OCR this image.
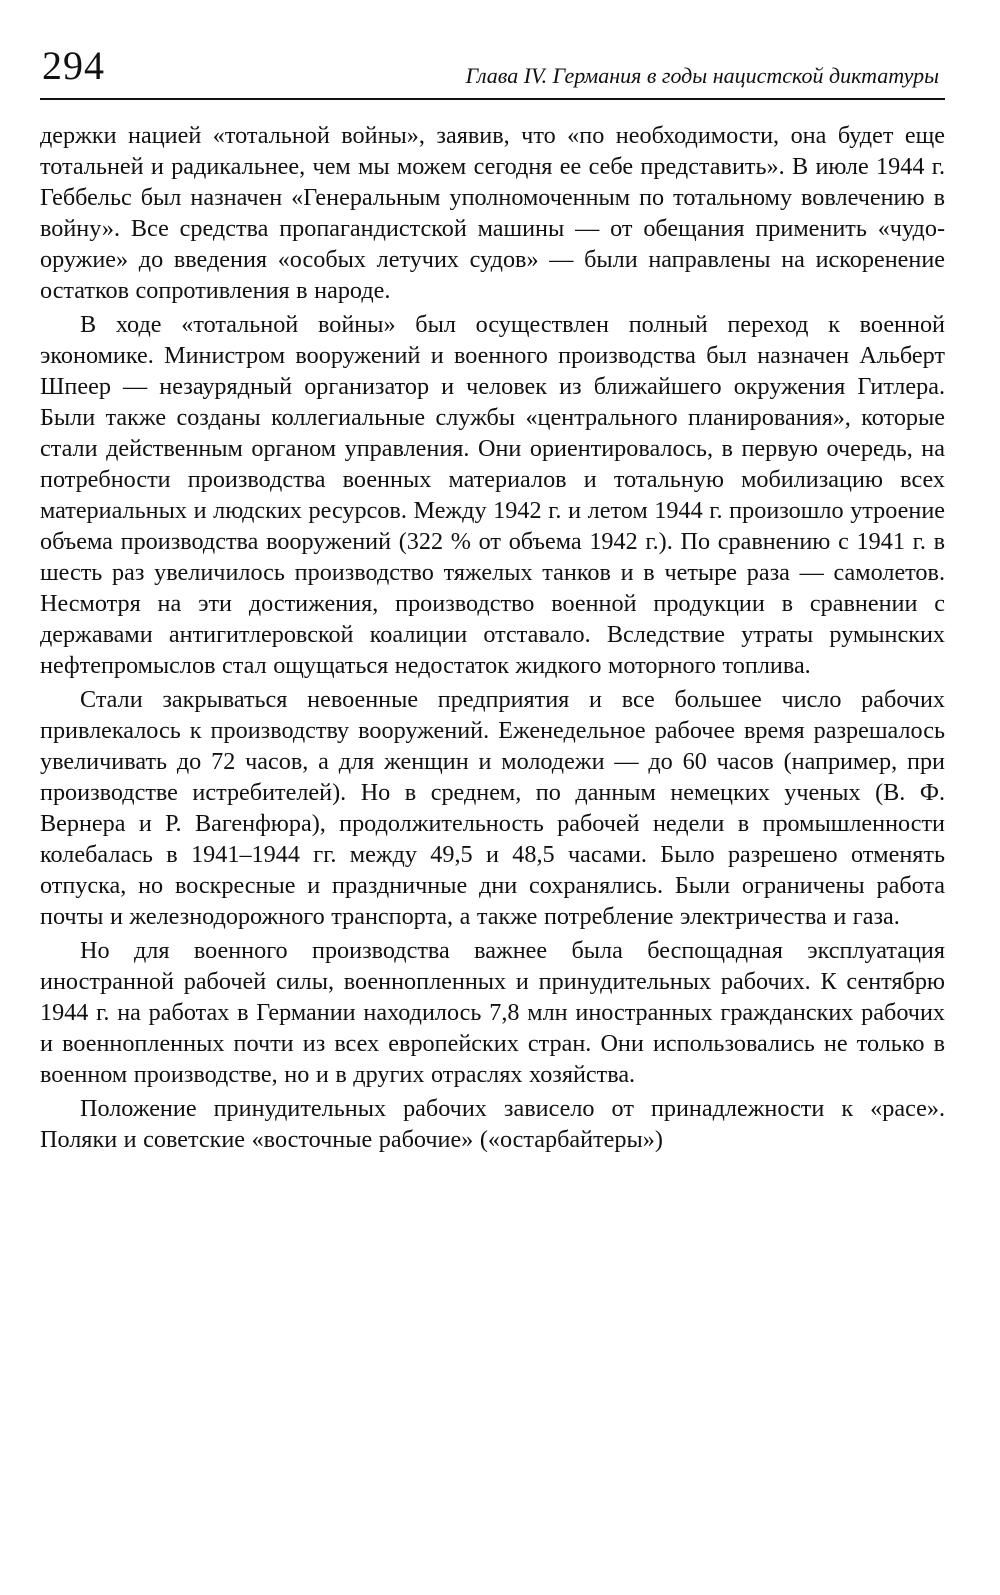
294	Глава IV. Германия в годы нацистской диктатуры

держки нацией «тотальной войны», заявив, что «по необходимости, она будет еще тотальней и радикальнее, чем мы можем сегодня ее себе представить». В июле 1944 г. Геббельс был назначен «Генеральным уполномоченным по тотальному вовлечению в войну». Все средства пропагандистской машины — от обещания применить «чудо-оружие» до введения «особых летучих судов» — были направлены на искоренение остатков сопротивления в народе.

В ходе «тотальной войны» был осуществлен полный переход к военной экономике. Министром вооружений и военного производства был назначен Альберт Шпеер — незаурядный организатор и человек из ближайшего окружения Гитлера. Были также созданы коллегиальные службы «центрального планирования», которые стали действенным органом управления. Они ориентировалось, в первую очередь, на потребности производства военных материалов и тотальную мобилизацию всех материальных и людских ресурсов. Между 1942 г. и летом 1944 г. произошло утроение объема производства вооружений (322 % от объема 1942 г.). По сравнению с 1941 г. в шесть раз увеличилось производство тяжелых танков и в четыре раза — самолетов. Несмотря на эти достижения, производство военной продукции в сравнении с державами антигитлеровской коалиции отставало. Вследствие утраты румынских нефтепромыслов стал ощущаться недостаток жидкого моторного топлива.

Стали закрываться невоенные предприятия и все большее число рабочих привлекалось к производству вооружений. Еженедельное рабочее время разрешалось увеличивать до 72 часов, а для женщин и молодежи — до 60 часов (например, при производстве истребителей). Но в среднем, по данным немецких ученых (В. Ф. Вернера и Р. Вагенфюра), продолжительность рабочей недели в промышленности колебалась в 1941–1944 гг. между 49,5 и 48,5 часами. Было разрешено отменять отпуска, но воскресные и праздничные дни сохранялись. Были ограничены работа почты и железнодорожного транспорта, а также потребление электричества и газа.

Но для военного производства важнее была беспощадная эксплуатация иностранной рабочей силы, военнопленных и принудительных рабочих. К сентябрю 1944 г. на работах в Германии находилось 7,8 млн иностранных гражданских рабочих и военнопленных почти из всех европейских стран. Они использовались не только в военном производстве, но и в других отраслях хозяйства.

Положение принудительных рабочих зависело от принадлежности к «расе». Поляки и советские «восточные рабочие» («остарбайтеры»)
